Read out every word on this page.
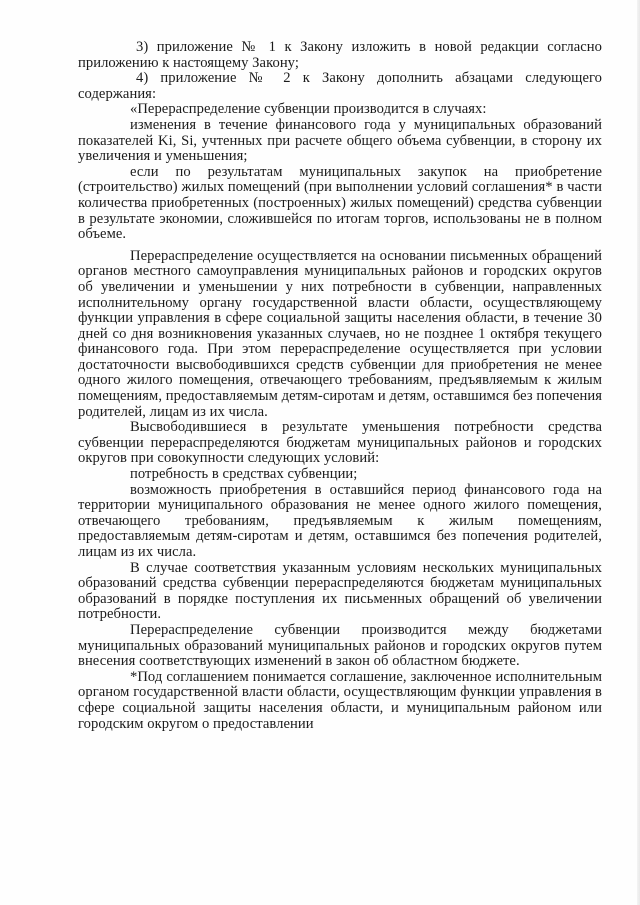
3) приложение № 1 к Закону изложить в новой редакции согласно приложению к настоящему Закону;

4) приложение № 2 к Закону дополнить абзацами следующего содержания:

«Перераспределение субвенции производится в случаях:

изменения в течение финансового года у муниципальных образований показателей Ki, Si, учтенных при расчете общего объема субвенции, в сторону их увеличения и уменьшения;

если по результатам муниципальных закупок на приобретение (строительство) жилых помещений (при выполнении условий соглашения* в части количества приобретенных (построенных) жилых помещений) средства субвенции в результате экономии, сложившейся по итогам торгов, использованы не в полном объеме.

Перераспределение осуществляется на основании письменных обращений органов местного самоуправления муниципальных районов и городских округов об увеличении и уменьшении у них потребности в субвенции, направленных исполнительному органу государственной власти области, осуществляющему функции управления в сфере социальной защиты населения области, в течение 30 дней со дня возникновения указанных случаев, но не позднее 1 октября текущего финансового года. При этом перераспределение осуществляется при условии достаточности высвободившихся средств субвенции для приобретения не менее одного жилого помещения, отвечающего требованиям, предъявляемым к жилым помещениям, предоставляемым детям-сиротам и детям, оставшимся без попечения родителей, лицам из их числа.

Высвободившиеся в результате уменьшения потребности средства субвенции перераспределяются бюджетам муниципальных районов и городских округов при совокупности следующих условий:

потребность в средствах субвенции;

возможность приобретения в оставшийся период финансового года на территории муниципального образования не менее одного жилого помещения, отвечающего требованиям, предъявляемым к жилым помещениям, предоставляемым детям-сиротам и детям, оставшимся без попечения родителей, лицам из их числа.

В случае соответствия указанным условиям нескольких муниципальных образований средства субвенции перераспределяются бюджетам муниципальных образований в порядке поступления их письменных обращений об увеличении потребности.

Перераспределение субвенции производится между бюджетами муниципальных образований муниципальных районов и городских округов путем внесения соответствующих изменений в закон об областном бюджете.

*Под соглашением понимается соглашение, заключенное исполнительным органом государственной власти области, осуществляющим функции управления в сфере социальной защиты населения области, и муниципальным районом или городским округом о предоставлении
